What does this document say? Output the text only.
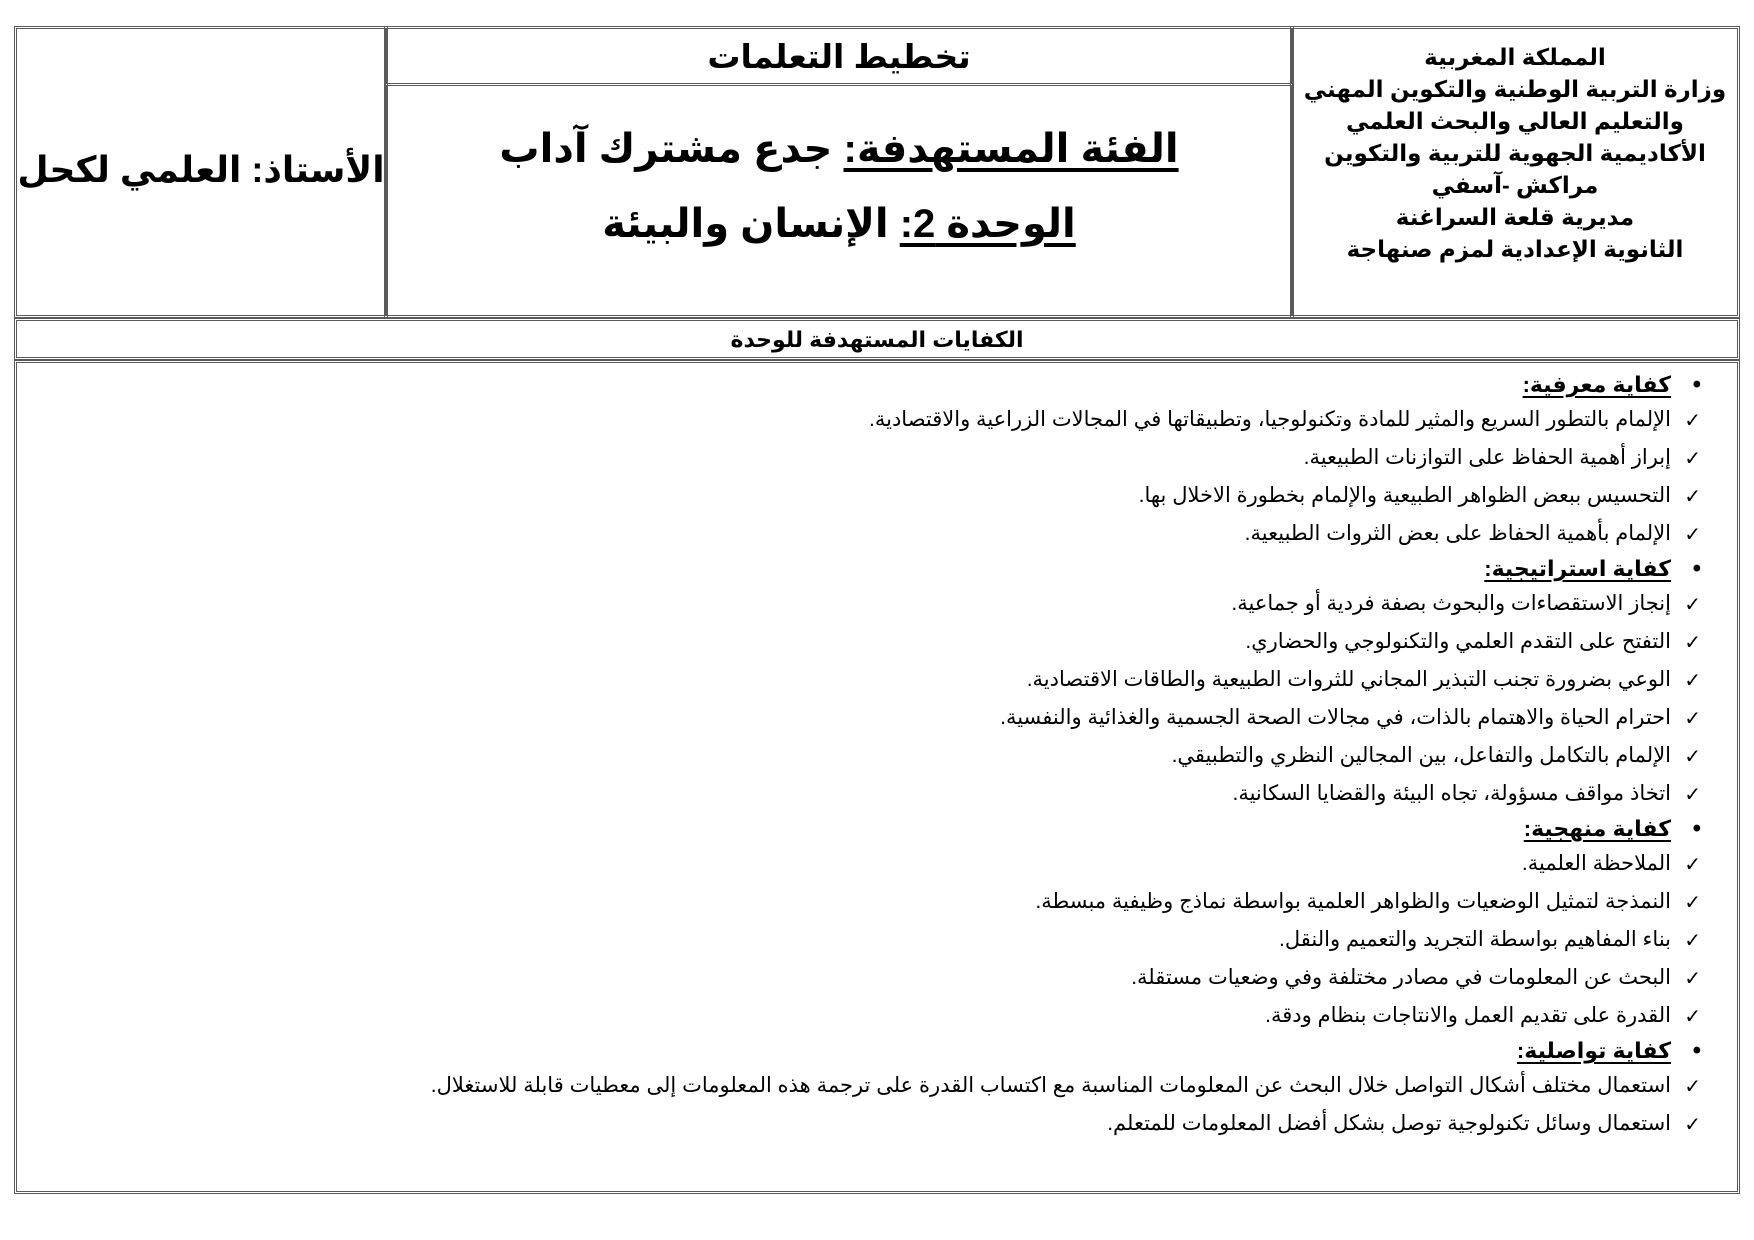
المملكة المغربية
وزارة التربية الوطنية والتكوين المهني
والتعليم العالي والبحث العلمي
الأكاديمية الجهوية للتربية والتكوين
مراكش -آسفي
مديرية قلعة السراغنة
الثانوية الإعدادية لمزم صنهاجة
تخطيط التعلمات
الفئة المستهدفة: جدع مشترك آداب
الوحدة 2: الإنسان والبيئة
الأستاذ: العلمي لكحل
الكفايات المستهدفة للوحدة
•
كفاية معرفية:
✓
الإلمام بالتطور السريع والمثير للمادة وتكنولوجيا، وتطبيقاتها في المجالات الزراعية والاقتصادية.
✓
إبراز أهمية الحفاظ على التوازنات الطبيعية.
✓
التحسيس ببعض الظواهر الطبيعية والإلمام بخطورة الاخلال بها.
✓
الإلمام بأهمية الحفاظ على بعض الثروات الطبيعية.
•
كفاية استراتيجية:
✓
إنجاز الاستقصاءات والبحوث بصفة فردية أو جماعية.
✓
التفتح على التقدم العلمي والتكنولوجي والحضاري.
✓
الوعي بضرورة تجنب التبذير المجاني للثروات الطبيعية والطاقات الاقتصادية.
✓
احترام الحياة والاهتمام بالذات، في مجالات الصحة الجسمية والغذائية والنفسية.
✓
الإلمام بالتكامل والتفاعل، بين المجالين النظري والتطبيقي.
✓
اتخاذ مواقف مسؤولة، تجاه البيئة والقضايا السكانية.
•
كفاية منهجية:
✓
الملاحظة العلمية.
✓
النمذجة لتمثيل الوضعيات والظواهر العلمية بواسطة نماذج وظيفية مبسطة.
✓
بناء المفاهيم بواسطة التجريد والتعميم والنقل.
✓
البحث عن المعلومات في مصادر مختلفة وفي وضعيات مستقلة.
✓
القدرة على تقديم العمل والانتاجات بنظام ودقة.
•
كفاية تواصلية:
✓
استعمال مختلف أشكال التواصل خلال البحث عن المعلومات المناسبة مع اكتساب القدرة على ترجمة هذه المعلومات إلى معطيات قابلة للاستغلال.
✓
استعمال وسائل تكنولوجية توصل بشكل أفضل المعلومات للمتعلم.
